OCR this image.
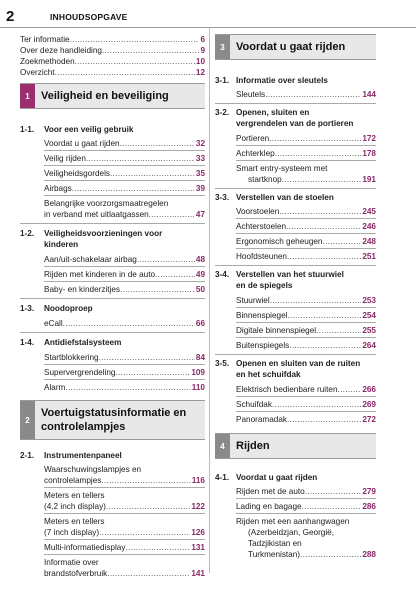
2	INHOUDSOPGAVE
Ter informatie .....	6
Over deze handleiding .....	9
Zoekmethoden .....	10
Overzicht .....	12
1	Veiligheid en beveiliging
1-1. Voor een veilig gebruik
Voordat u gaat rijden .....	32
Veilig rijden .....	33
Veiligheidsgordels .....	35
Airbags .....	39
Belangrijke voorzorgsmaatregelen
in verband met uitlaatgassen .....	47
1-2. Veiligheidsvoorzieningen voor
kinderen
Aan/uit-schakelaar airbag .....	48
Rijden met kinderen in de auto .....	49
Baby- en kinderzitjes .....	50
1-3. Noodoproep
eCall .....	66
1-4. Antidiefstalsysteem
Startblokkering .....	84
Supervergrendeling .....	109
Alarm .....	110
2
Voertuigstatusinformatie en
controlelampjes
2-1. Instrumentenpaneel
Waarschuwingslampjes en
controlelampjes .....	116
Meters en tellers
(4,2 inch display) .....	122
Meters en tellers
(7 inch display) .....	126
Multi-informatiedisplay .....	131
Informatie over
brandstofverbruik .....	141
3	Voordat u gaat rijden
3-1. Informatie over sleutels
Sleutels .....	144
3-2. Openen, sluiten en
vergrendelen van de portieren
Portieren .....	172
Achterklep .....	178
Smart entry-systeem met
startknop .....	191
3-3. Verstellen van de stoelen
Voorstoelen .....	245
Achterstoelen .....	246
Ergonomisch geheugen .....	248
Hoofdsteunen .....	251
3-4. Verstellen van het stuurwiel
en de spiegels
Stuurwiel .....	253
Binnenspiegel .....	254
Digitale binnenspiegel .....	255
Buitenspiegels .....	264
3-5. Openen en sluiten van de ruiten
en het schuifdak
Elektrisch bedienbare ruiten .....	266
Schuifdak .....	269
Panoramadak .....	272
4	Rijden
4-1. Voordat u gaat rijden
Rijden met de auto .....	279
Lading en bagage .....	286
Rijden met een aanhangwagen
(Azerbeidzjan, Georgië,
Tadzjikistan en
Turkmenistan) .....	288
